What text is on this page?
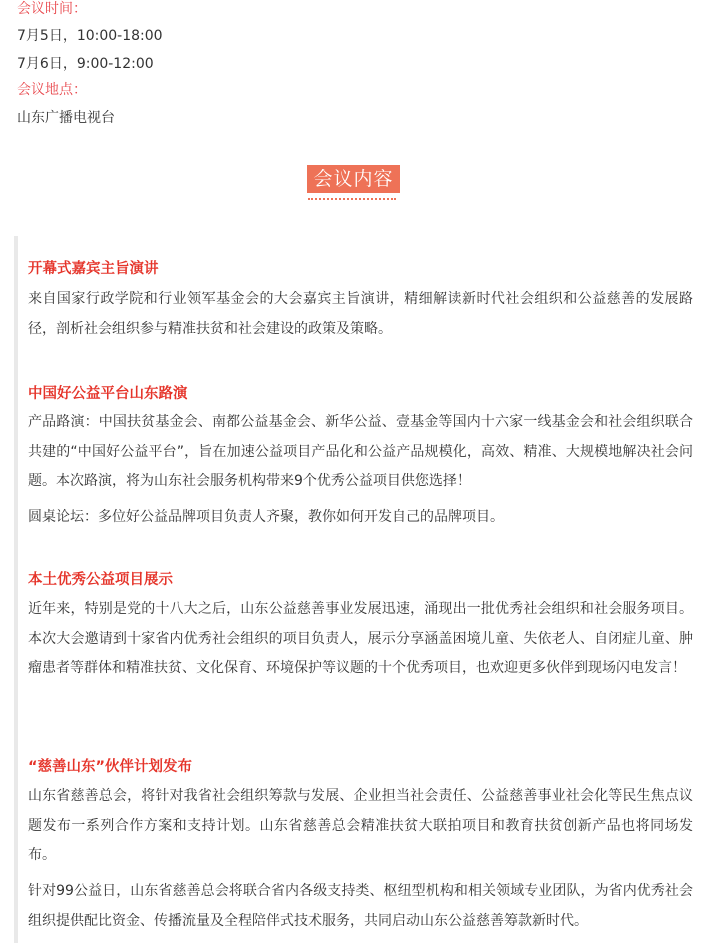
会议时间：
7月5日，10:00-18:00
7月6日，9:00-12:00
会议地点：
山东广播电视台
会议内容
开幕式嘉宾主旨演讲

来自国家行政学院和行业领军基金会的大会嘉宾主旨演讲，精细解读新时代社会组织和公益慈善的发展路径，剖析社会组织参与精准扶贫和社会建设的政策及策略。

中国好公益平台山东路演

产品路演：中国扶贫基金会、南都公益基金会、新华公益、壹基金等国内十六家一线基金会和社会组织联合共建的“中国好公益平台”，旨在加速公益项目产品化和公益产品规模化，高效、精准、大规模地解决社会问题。本次路演，将为山东社会服务机构带来9个优秀公益项目供您选择！

圆桌论坛：多位好公益品牌项目负责人齐聚，教你如何开发自己的品牌项目。

本土优秀公益项目展示

近年来，特别是党的十八大之后，山东公益慈善事业发展迅速，涌现出一批优秀社会组织和社会服务项目。本次大会邀请到十家省内优秀社会组织的项目负责人，展示分享涵盖困境儿童、失依老人、自闭症儿童、肿瘤患者等群体和精准扶贫、文化保育、环境保护等议题的十个优秀项目，也欢迎更多伙伴到现场闪电发言！

“慈善山东”伙伴计划发布

山东省慈善总会，将针对我省社会组织筹款与发展、企业担当社会责任、公益慈善事业社会化等民生焦点议题发布一系列合作方案和支持计划。山东省慈善总会精准扶贫大联拍项目和教育扶贫创新产品也将同场发布。

针对99公益日，山东省慈善总会将联合省内各级支持类、枢纽型机构和相关领域专业团队，为省内优秀社会组织提供配比资金、传播流量及全程陪伴式技术服务，共同启动山东公益慈善筹款新时代。
